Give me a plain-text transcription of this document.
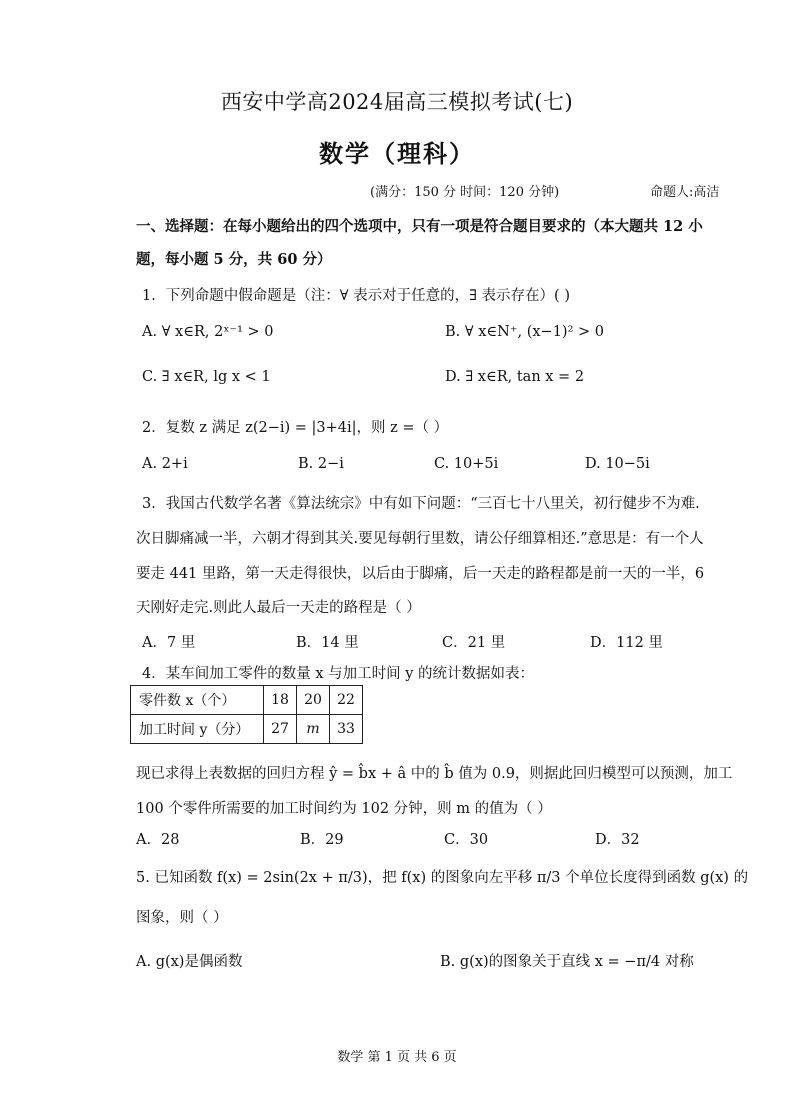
西安中学高2024届高三模拟考试(七)
数学（理科）
(满分：150 分 时间：120 分钟)	命题人:高洁
一、选择题：在每小题给出的四个选项中，只有一项是符合题目要求的（本大题共 12 小
题，每小题 5 分，共 60 分）
1．下列命题中假命题是（注：∀ 表示对于任意的，∃ 表示存在）( )
A. ∀ x∈R, 2ˣ⁻¹ > 0	B. ∀ x∈N⁺, (x−1)² > 0
C. ∃ x∈R, lg x < 1	D. ∃ x∈R, tan x = 2
2．复数 z 满足 z(2−i) = |3+4i|，则 z =（ ）
A. 2+i	B. 2−i	C. 10+5i	D. 10−5i
3．我国古代数学名著《算法统宗》中有如下问题：“三百七十八里关，初行健步不为难.
次日脚痛减一半，六朝才得到其关.要见每朝行里数，请公仔细算相还.”意思是：有一个人
要走 441 里路，第一天走得很快，以后由于脚痛，后一天走的路程都是前一天的一半，6
天刚好走完.则此人最后一天走的路程是（ ）
A．7 里	B．14 里	C．21 里	D．112 里
4．某车间加工零件的数量 x 与加工时间 y 的统计数据如表：
零件数 x（个）	18	20	22
加工时间 y（分）	27	m	33
现已求得上表数据的回归方程 ŷ = b̂x + â 中的 b̂ 值为 0.9，则据此回归模型可以预测，加工
100 个零件所需要的加工时间约为 102 分钟，则 m 的值为（ ）
A．28	B．29	C．30	D．32
5. 已知函数 f(x) = 2sin(2x + π/3)，把 f(x) 的图象向左平移 π/3 个单位长度得到函数 g(x) 的
图象，则（ ）
A. g(x)是偶函数	B. g(x)的图象关于直线 x = −π/4 对称
数学 第 1 页 共 6 页
